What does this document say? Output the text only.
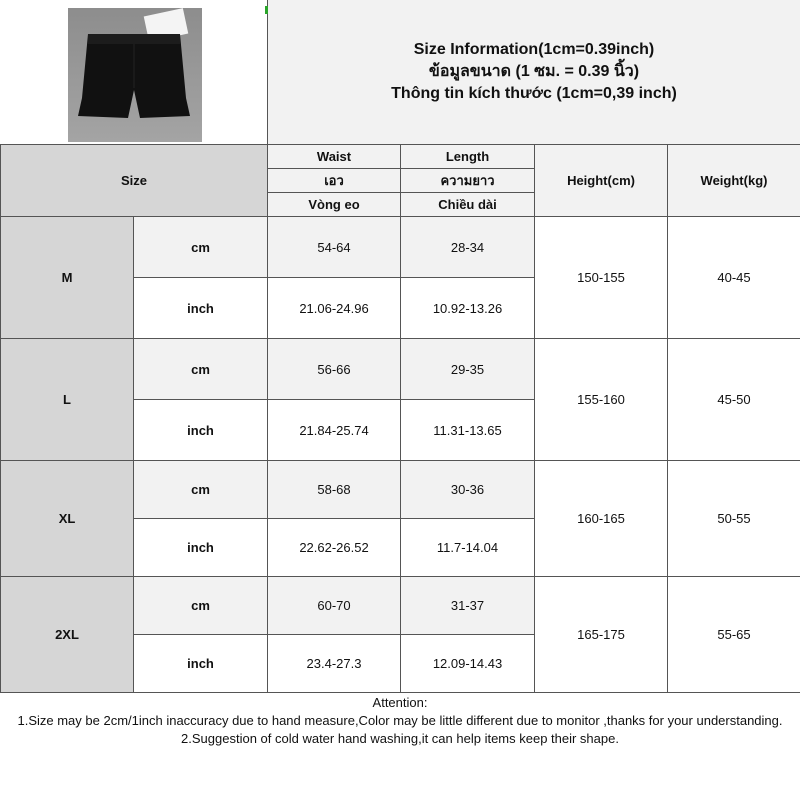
Size Information(1cm=0.39inch)
ข้อมูลขนาด (1 ซม. = 0.39 นิ้ว)
Thông tin kích thước (1cm=0,39 inch)
Size		Waist	Length	Height(cm)	Weight(kg)
		เอว	ความยาว		
		Vòng eo	Chiều dài		
M	cm	54-64	28-34	150-155	40-45
	inch	21.06-24.96	10.92-13.26		
L	cm	56-66	29-35	155-160	45-50
	inch	21.84-25.74	11.31-13.65		
XL	cm	58-68	30-36	160-165	50-55
	inch	22.62-26.52	11.7-14.04		
2XL	cm	60-70	31-37	165-175	55-65
	inch	23.4-27.3	12.09-14.43		
Attention:
1.Size may be 2cm/1inch inaccuracy due to hand measure,Color may be little different due to monitor ,thanks for your understanding.
2.Suggestion of cold water hand washing,it can help items keep their shape.
